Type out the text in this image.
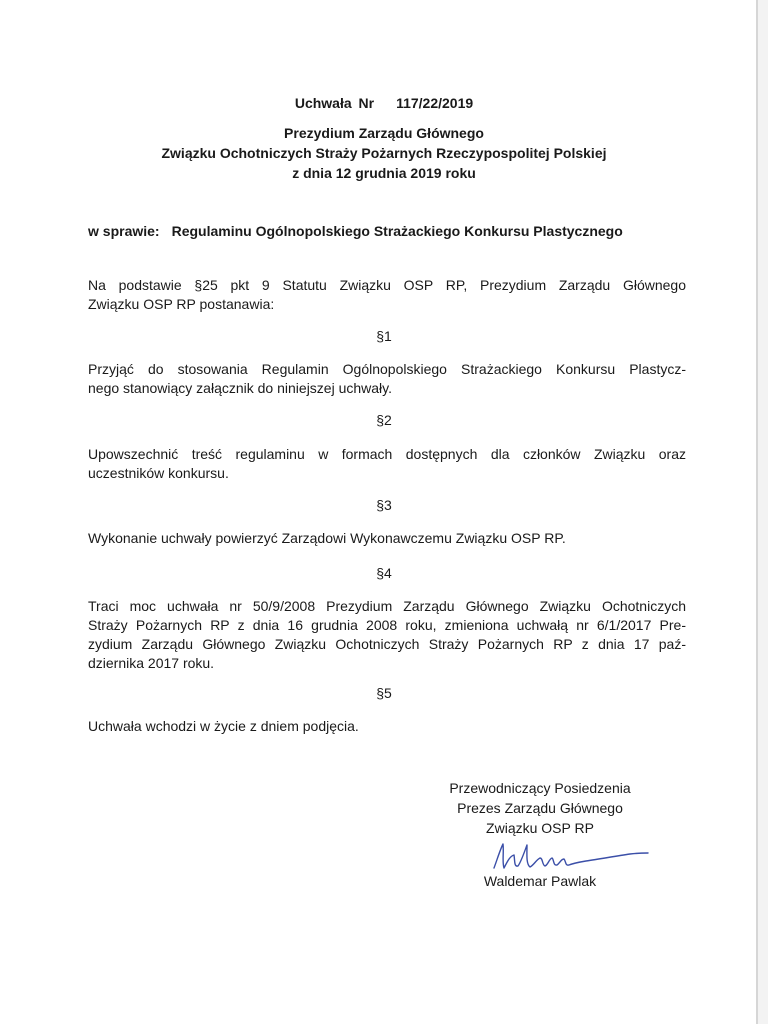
Uchwała Nr 117/22/2019
Prezydium Zarządu Głównego
Związku Ochotniczych Straży Pożarnych Rzeczypospolitej Polskiej
z dnia 12 grudnia 2019 roku
w sprawie: Regulaminu Ogólnopolskiego Strażackiego Konkursu Plastycznego
Na podstawie §25 pkt 9 Statutu Związku OSP RP, Prezydium Zarządu Głównego
Związku OSP RP postanawia:
§1
Przyjąć do stosowania Regulamin Ogólnopolskiego Strażackiego Konkursu Plastycz-
nego stanowiący załącznik do niniejszej uchwały.
§2
Upowszechnić treść regulaminu w formach dostępnych dla członków Związku oraz
uczestników konkursu.
§3
Wykonanie uchwały powierzyć Zarządowi Wykonawczemu Związku OSP RP.
§4
Traci moc uchwała nr 50/9/2008 Prezydium Zarządu Głównego Związku Ochotniczych
Straży Pożarnych RP z dnia 16 grudnia 2008 roku, zmieniona uchwałą nr 6/1/2017 Pre-
zydium Zarządu Głównego Związku Ochotniczych Straży Pożarnych RP z dnia 17 paź-
dziernika 2017 roku.
§5
Uchwała wchodzi w życie z dniem podjęcia.
Przewodniczący Posiedzenia
Prezes Zarządu Głównego
Związku OSP RP
Waldemar Pawlak
